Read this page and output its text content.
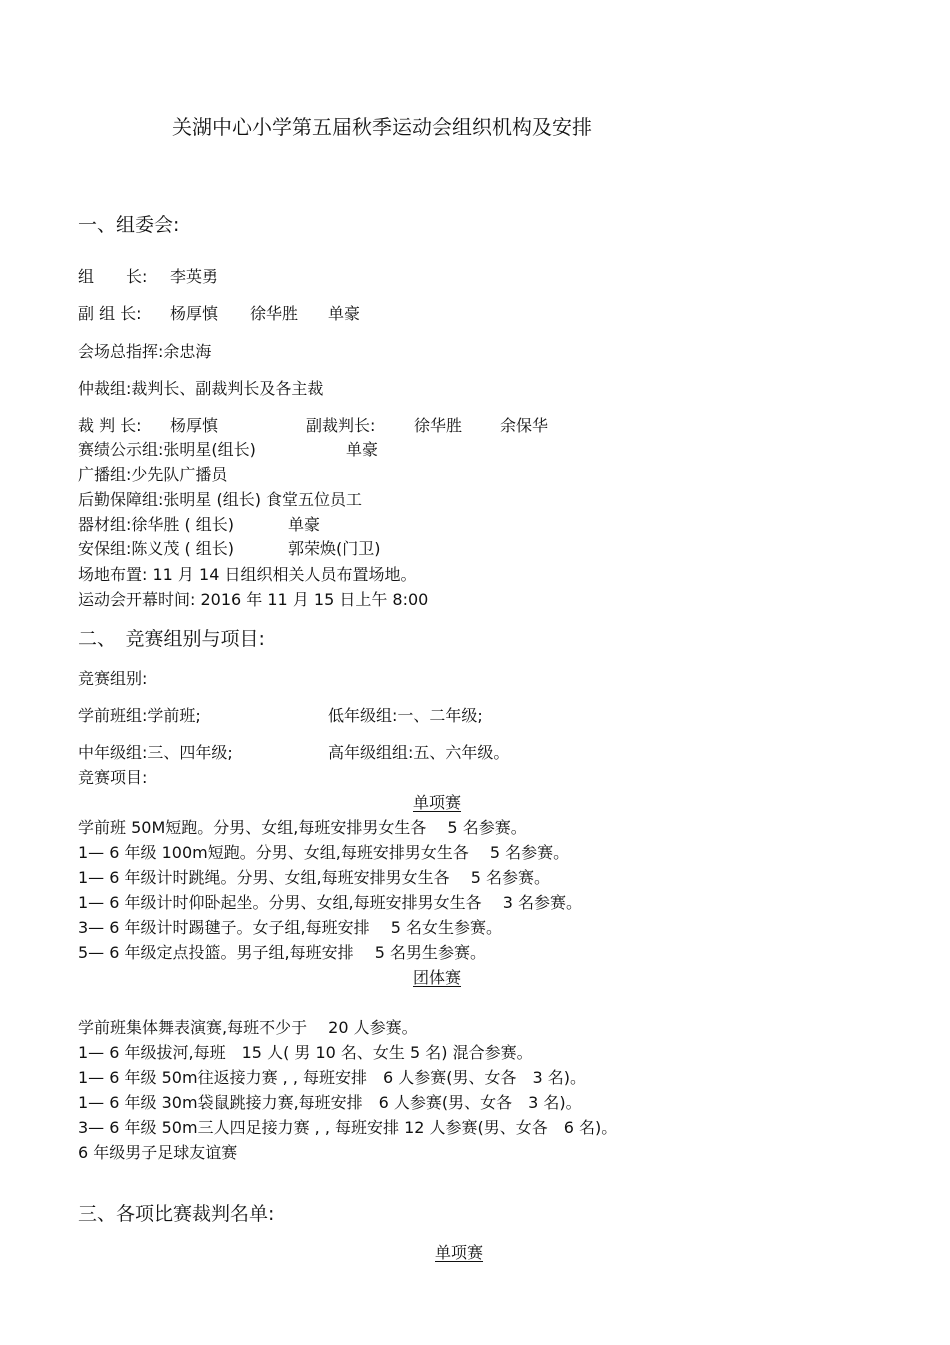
关湖中心小学第五届秋季运动会组织机构及安排
一、组委会:
组　　长: 李英勇
副 组 长: 杨厚慎 徐华胜 单豪
会场总指挥:余忠海
仲裁组:裁判长、副裁判长及各主裁
裁 判 长: 杨厚慎	副裁判长: 徐华胜 余保华
赛绩公示组:张明星(组长)	单豪
广播组:少先队广播员
后勤保障组:张明星 (组长) 食堂五位员工
器材组:徐华胜 ( 组长)	单豪
安保组:陈义茂 ( 组长)	郭荣焕(门卫)
场地布置: 11 月 14 日组织相关人员布置场地。
运动会开幕时间: 2016 年 11 月 15 日上午 8:00
二、　竞赛组别与项目:
竞赛组别:
学前班组:学前班;	低年级组:一、二年级;
中年级组:三、四年级;	高年级组组:五、六年级。
竞赛项目:
单项赛
学前班 50M短跑。分男、女组,每班安排男女生各　 5 名参赛。
1— 6 年级 100m短跑。分男、女组,每班安排男女生各　 5 名参赛。
1— 6 年级计时跳绳。分男、女组,每班安排男女生各　 5 名参赛。
1— 6 年级计时仰卧起坐。分男、女组,每班安排男女生各　 3 名参赛。
3— 6 年级计时踢毽子。女子组,每班安排　 5 名女生参赛。
5— 6 年级定点投篮。男子组,每班安排　 5 名男生参赛。
团体赛
学前班集体舞表演赛,每班不少于　 20 人参赛。
1— 6 年级拔河,每班　15 人( 男 10 名、女生 5 名) 混合参赛。
1— 6 年级 50m往返接力赛 , , 每班安排　6 人参赛(男、女各　3 名)。
1— 6 年级 30m袋鼠跳接力赛,每班安排　6 人参赛(男、女各　3 名)。
3— 6 年级 50m三人四足接力赛 , , 每班安排 12 人参赛(男、女各　6 名)。
6 年级男子足球友谊赛
三、各项比赛裁判名单:
单项赛
